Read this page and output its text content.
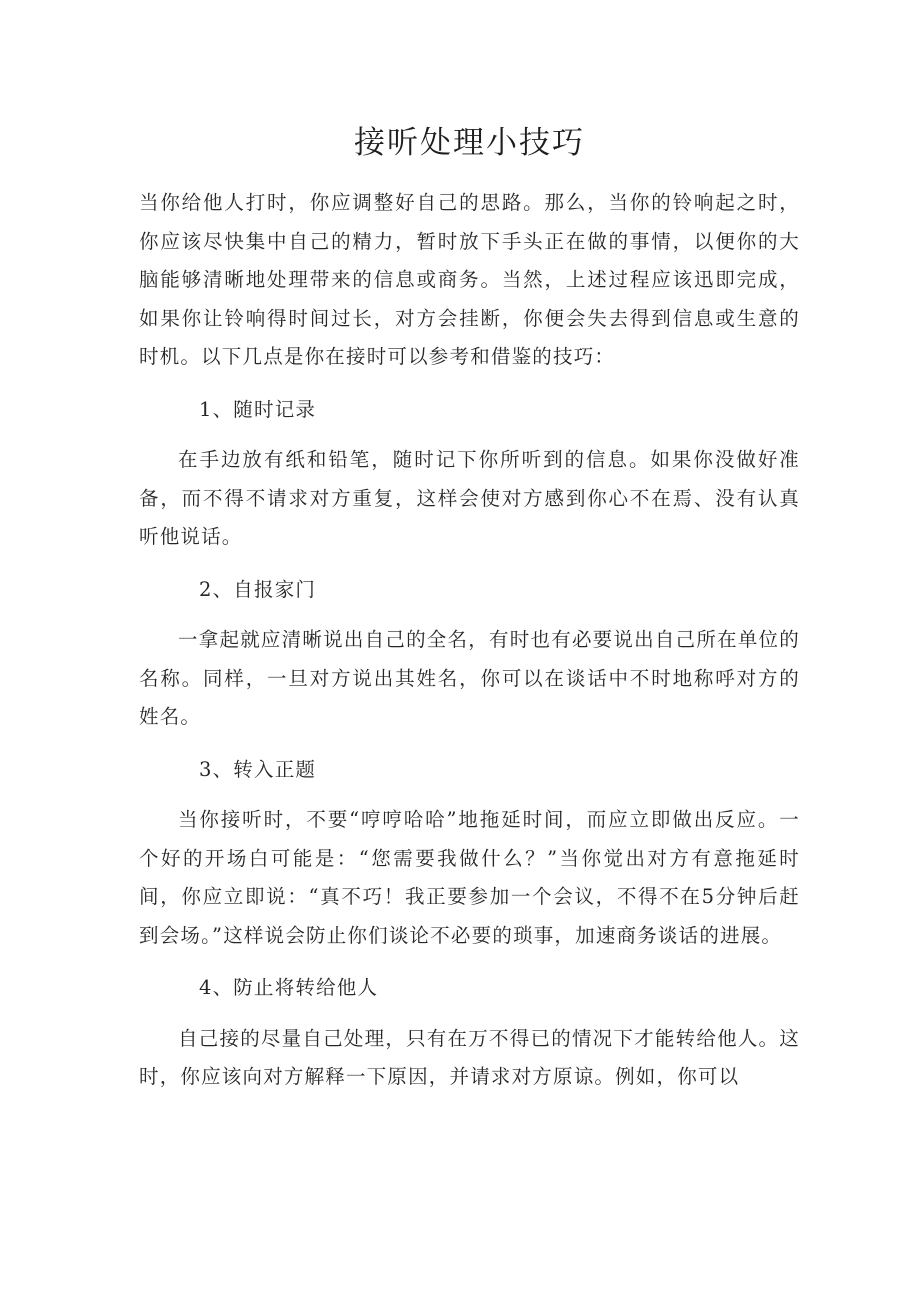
接听处理小技巧

当你给他人打时，你应调整好自己的思路。那么，当你的铃响起之时，你应该尽快集中自己的精力，暂时放下手头正在做的事情，以便你的大脑能够清晰地处理带来的信息或商务。当然，上述过程应该迅即完成，如果你让铃响得时间过长，对方会挂断，你便会失去得到信息或生意的时机。以下几点是你在接时可以参考和借鉴的技巧：

1、随时记录

在手边放有纸和铅笔，随时记下你所听到的信息。如果你没做好准备，而不得不请求对方重复，这样会使对方感到你心不在焉、没有认真听他说话。

2、自报家门

一拿起就应清晰说出自己的全名，有时也有必要说出自己所在单位的名称。同样，一旦对方说出其姓名，你可以在谈话中不时地称呼对方的姓名。

3、转入正题

当你接听时，不要“哼哼哈哈”地拖延时间，而应立即做出反应。一个好的开场白可能是：“您需要我做什么？”当你觉出对方有意拖延时间，你应立即说：“真不巧！我正要参加一个会议，不得不在5分钟后赶到会场。”这样说会防止你们谈论不必要的琐事，加速商务谈话的进展。

4、防止将转给他人

自己接的尽量自己处理，只有在万不得已的情况下才能转给他人。这时，你应该向对方解释一下原因，并请求对方原谅。例如，你可以
